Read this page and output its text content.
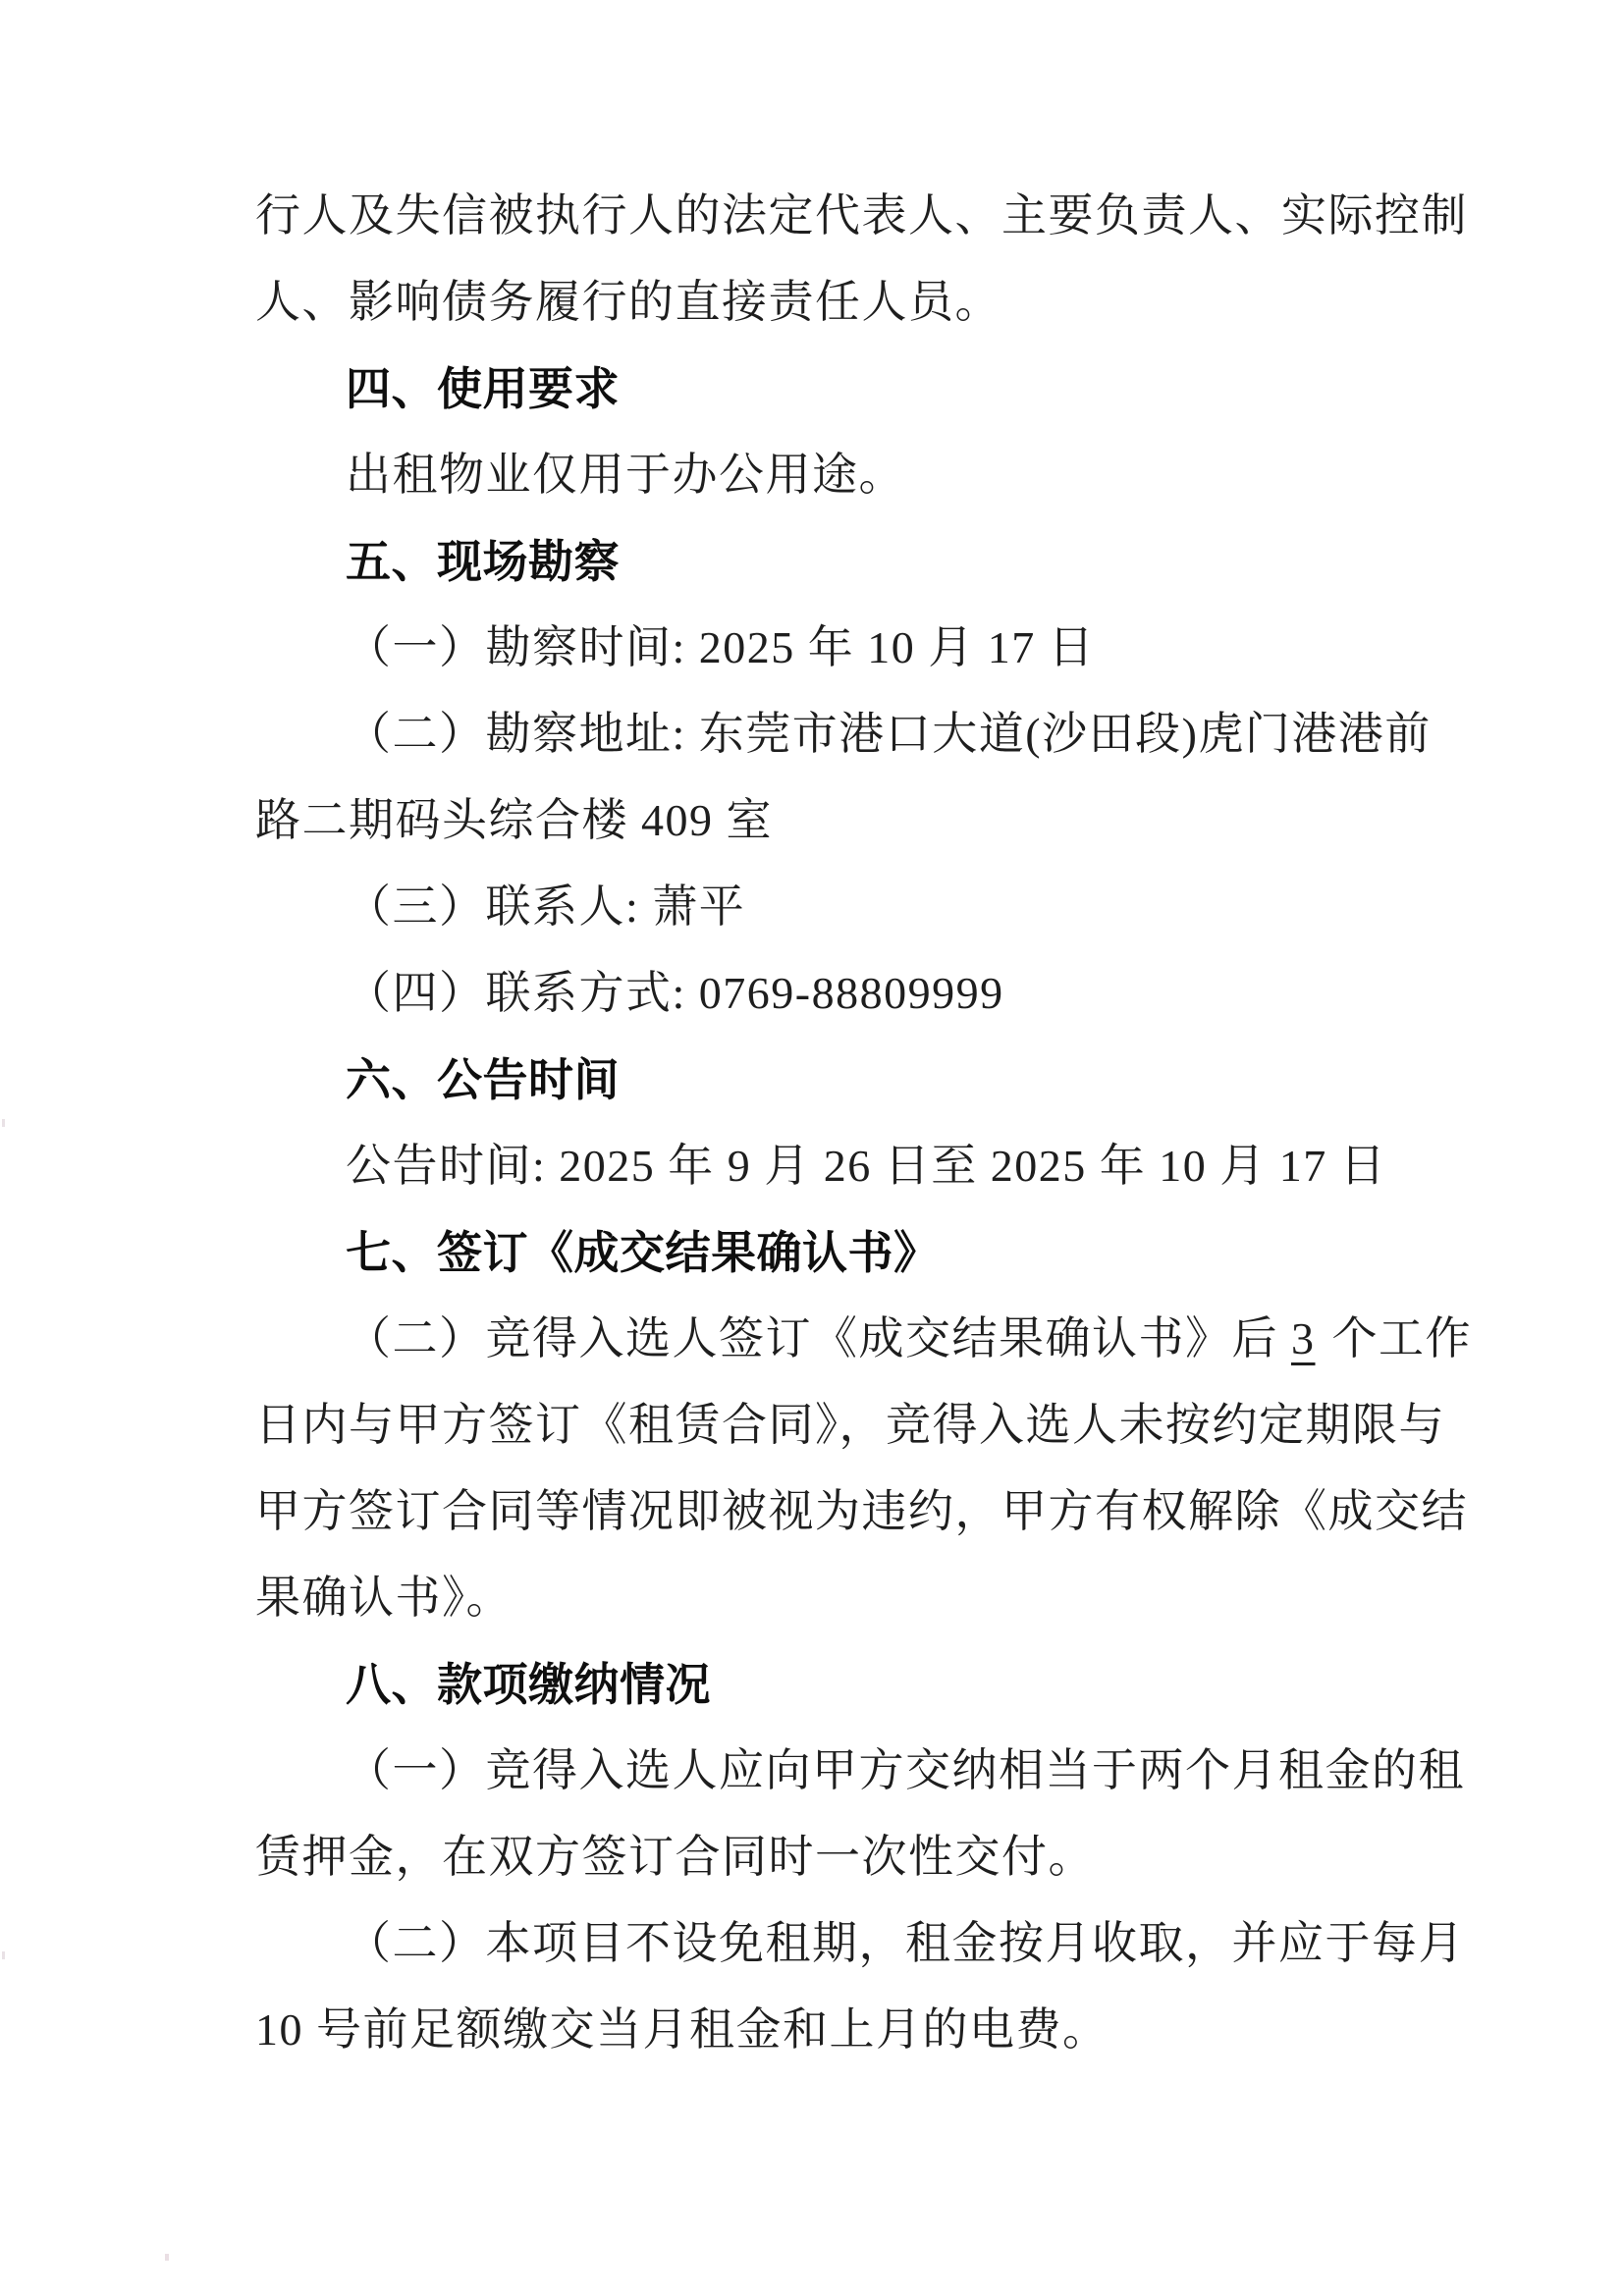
行人及失信被执行人的法定代表人、主要负责人、实际控制

人、影响债务履行的直接责任人员。

四、使用要求

出租物业仅用于办公用途。

五、现场勘察

（一）勘察时间: 2025 年 10 月 17 日

（二）勘察地址: 东莞市港口大道(沙田段)虎门港港前

路二期码头综合楼 409 室

（三）联系人: 萧平

（四）联系方式: 0769-88809999

六、公告时间

公告时间: 2025 年 9 月 26 日至 2025 年 10 月 17 日

七、签订《成交结果确认书》

（二）竞得入选人签订《成交结果确认书》后 3 个工作

日内与甲方签订《租赁合同》，竞得入选人未按约定期限与

甲方签订合同等情况即被视为违约，甲方有权解除《成交结

果确认书》。

八、款项缴纳情况

（一）竞得入选人应向甲方交纳相当于两个月租金的租

赁押金，在双方签订合同时一次性交付。

（二）本项目不设免租期，租金按月收取，并应于每月

10 号前足额缴交当月租金和上月的电费。
